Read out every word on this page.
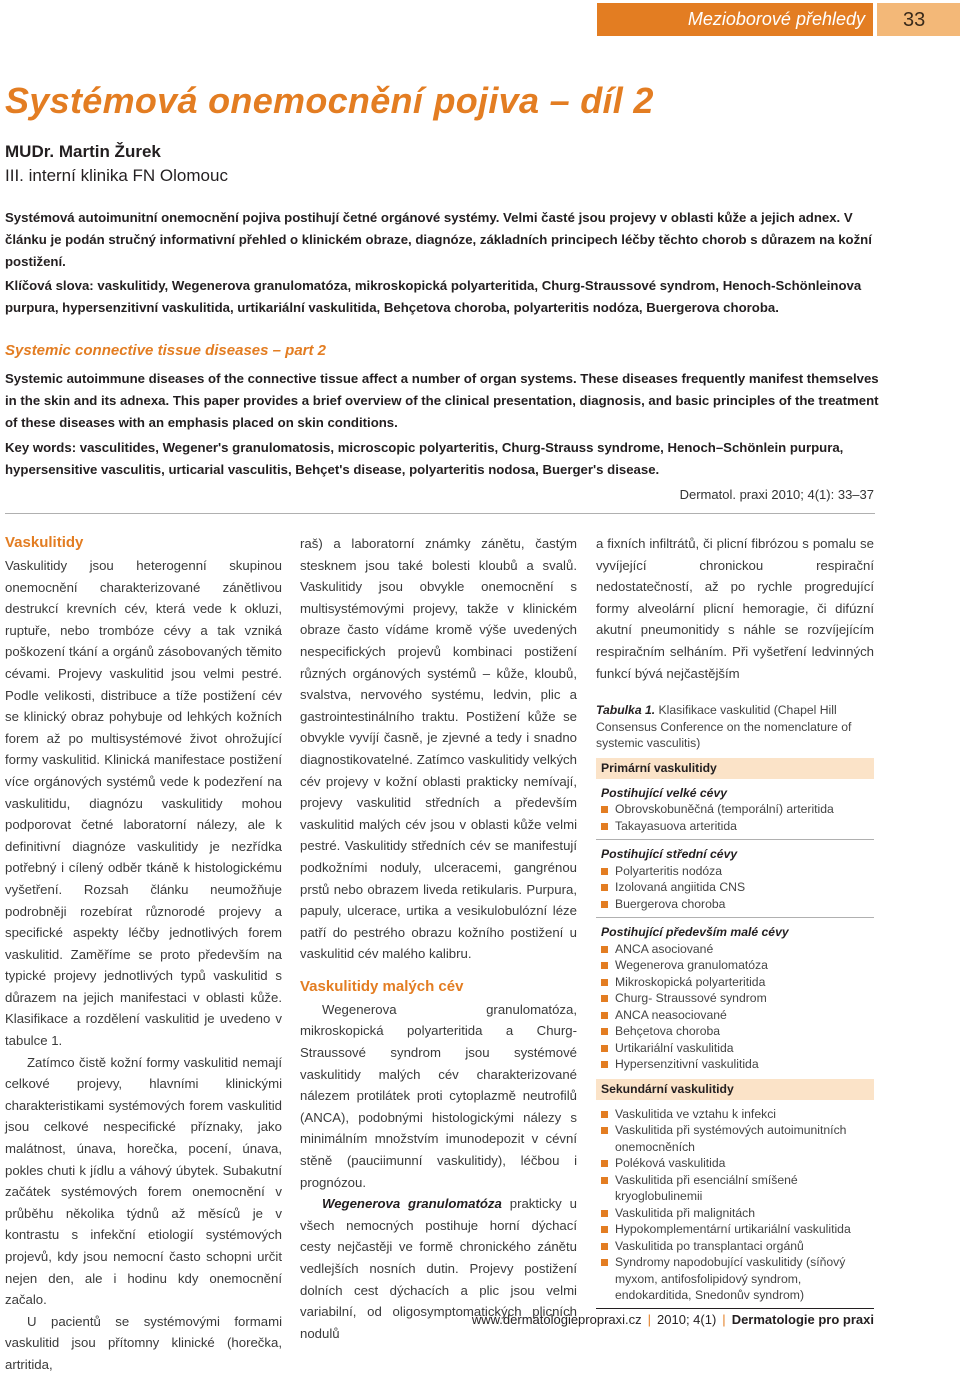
Mezioborové přehledy	33
Systémová onemocnění pojiva – díl 2
MUDr. Martin Žurek
III. interní klinika FN Olomouc

Systémová autoimunitní onemocnění pojiva postihují četné orgánové systémy. Velmi časté jsou projevy v oblasti kůže a jejich adnex. V článku je podán stručný informativní přehled o klinickém obraze, diagnóze, základních principech léčby těchto chorob s důrazem na kožní postižení.

Klíčová slova: vaskulitidy, Wegenerova granulomatóza, mikroskopická polyarteritida, Churg-Straussové syndrom, Henoch-Schönleinova purpura, hypersenzitivní vaskulitida, urtikariální vaskulitida, Behçetova choroba, polyarteritis nodóza, Buergerova choroba.
Systemic connective tissue diseases – part 2
Systemic autoimmune diseases of the connective tissue affect a number of organ systems. These diseases frequently manifest themselves in the skin and its adnexa. This paper provides a brief overview of the clinical presentation, diagnosis, and basic principles of the treatment of these diseases with an emphasis placed on skin conditions.
Key words: vasculitides, Wegener's granulomatosis, microscopic polyarteritis, Churg-Strauss syndrome, Henoch–Schönlein purpura, hypersensitive vasculitis, urticarial vasculitis, Behçet's disease, polyarteritis nodosa, Buerger's disease.
Dermatol. praxi 2010; 4(1): 33–37
Vaskulitidy

Vaskulitidy jsou heterogenní skupinou onemocnění charakterizované zánětlivou destrukcí krevních cév, která vede k okluzi, ruptuře, nebo trombóze cévy a tak vzniká poškození tkání a orgánů zásobovaných těmito cévami. Projevy vaskulitid jsou velmi pestré. Podle velikosti, distribuce a tíže postižení cév se klinický obraz pohybuje od lehkých kožních forem až po multisystémové život ohrožující formy vaskulitid. Klinická manifestace postižení více orgánových systémů vede k podezření na vaskulitidu, diagnózu vaskulitidy mohou podporovat četné laboratorní nálezy, ale k definitivní diagnóze vaskulitidy je nezřídka potřebný i cílený odběr tkáně k histologickému vyšetření. Rozsah článku neumožňuje podrobněji rozebírat různorodé projevy a specifické aspekty léčby jednotlivých forem vaskulitid. Zaměříme se proto především na typické projevy jednotlivých typů vaskulitid s důrazem na jejich manifestaci v oblasti kůže. Klasifikace a rozdělení vaskulitid je uvedeno v tabulce 1.

Zatímco čistě kožní formy vaskulitid nemají celkové projevy, hlavními klinickými charakteristikami systémových forem vaskulitid jsou celkové nespecifické příznaky, jako malátnost, únava, horečka, pocení, únava, pokles chuti k jídlu a váhový úbytek. Subakutní začátek systémových forem onemocnění v průběhu několika týdnů až měsíců je v kontrastu s infekční etiologií systémových projevů, kdy jsou nemocní často schopni určit nejen den, ale i hodinu kdy onemocnění začalo.

U pacientů se systémovými formami vaskulitid jsou přítomny klinické (horečka, artritida,

raš) a laboratorní známky zánětu, častým stesknem jsou také bolesti kloubů a svalů. Vaskulitidy jsou obvykle onemocnění s multisystémovými projevy, takže v klinickém obraze často vídáme kromě výše uvedených nespecifických projevů kombinaci postižení různých orgánových systémů – kůže, kloubů, svalstva, nervového systému, ledvin, plic a gastrointestinálního traktu. Postižení kůže se obvykle vyvíjí časně, je zjevné a tedy i snadno diagnostikovatelné. Zatímco vaskulitidy velkých cév projevy v kožní oblasti prakticky nemívají, projevy vaskulitid středních a především vaskulitid malých cév jsou v oblasti kůže velmi pestré. Vaskulitidy středních cév se manifestují podkožními noduly, ulceracemi, gangrénou prstů nebo obrazem liveda retikularis. Purpura, papuly, ulcerace, urtika a vesikulobulózní léze patří do pestrého obrazu kožního postižení u vaskulitid cév malého kalibru.

Vaskulitidy malých cév

Wegenerova granulomatóza, mikroskopická polyarteritida a Churg-Straussové syndrom jsou systémové vaskulitidy malých cév charakterizované nálezem protilátek proti cytoplazmě neutrofilů (ANCA), podobnými histologickými nálezy s minimálním množstvím imunodepozit v cévní stěně (pauciimunní vaskulitidy), léčbou i prognózou.

Wegenerova granulomatóza prakticky u všech nemocných postihuje horní dýchací cesty nejčastěji ve formě chronického zánětu vedlejších nosních dutin. Projevy postižení dolních cest dýchacích a plic jsou velmi variabilní, od oligosymptomatických plicních nodulů

a fixních infiltrátů, či plicní fibrózou s pomalu se vyvíjející chronickou respirační nedostatečností, až po rychle progredující formy alveolární plicní hemoragie, či difúzní akutní pneumonitidy s náhle se rozvíjejícím respiračním selháním. Při vyšetření ledvinných funkcí bývá nejčastějším

Tabulka 1. Klasifikace vaskulitid (Chapel Hill Consensus Conference on the nomenclature of systemic vasculitis)
Primární vaskulitidy
Postihující velké cévy
Obrovskobuněčná (temporální) arteritida
Takayasuova arteritida
Postihující střední cévy
Polyarteritis nodóza
Izolovaná angiitida CNS
Buergerova choroba
Postihující především malé cévy
ANCA asociované
Wegenerova granulomatóza
Mikroskopická polyarteritida
Churg- Straussové syndrom
ANCA neasociované
Behçetova choroba
Urtikariální vaskulitida
Hypersenzitivní vaskulitida
Sekundární vaskulitidy
Vaskulitida ve vztahu k infekci
Vaskulitida při systémových autoimunitních onemocněních
Poléková vaskulitida
Vaskulitida při esenciální smíšené kryoglobulinemii
Vaskulitida při malignitách
Hypokomplementární urtikariální vaskulitida
Vaskulitida po transplantaci orgánů
Syndromy napodobující vaskulitidy (síňový myxom, antifosfolipidový syndrom, endokarditida, Snedonův syndrom)
www.dermatologiepropraxi.cz | 2010; 4(1) | Dermatologie pro praxi
